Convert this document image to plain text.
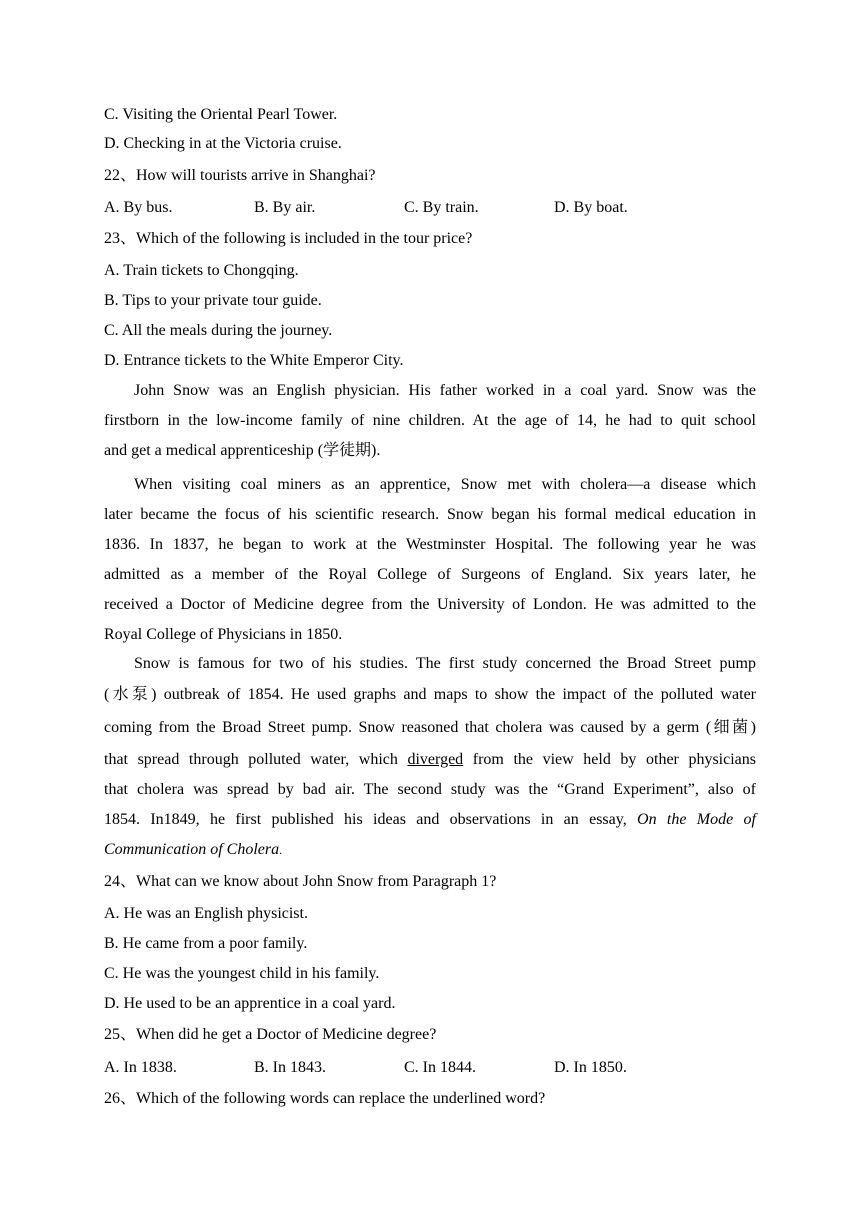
C. Visiting the Oriental Pearl Tower.
D. Checking in at the Victoria cruise.
22、How will tourists arrive in Shanghai?
A. By bus.	B. By air.	C. By train.	D. By boat.
23、Which of the following is included in the tour price?
A. Train tickets to Chongqing.
B. Tips to your private tour guide.
C. All the meals during the journey.
D. Entrance tickets to the White Emperor City.
John Snow was an English physician. His father worked in a coal yard. Snow was the
firstborn in the low-income family of nine children. At the age of 14, he had to quit school
and get a medical apprenticeship (学徒期).
When visiting coal miners as an apprentice, Snow met with cholera—a disease which
later became the focus of his scientific research. Snow began his formal medical education in
1836. In 1837, he began to work at the Westminster Hospital. The following year he was
admitted as a member of the Royal College of Surgeons of England. Six years later, he
received a Doctor of Medicine degree from the University of London. He was admitted to the
Royal College of Physicians in 1850.
Snow is famous for two of his studies. The first study concerned the Broad Street pump
(水泵) outbreak of 1854. He used graphs and maps to show the impact of the polluted water
coming from the Broad Street pump. Snow reasoned that cholera was caused by a germ (细菌)
that spread through polluted water, which diverged from the view held by other physicians
that cholera was spread by bad air. The second study was the “Grand Experiment”, also of
1854. In1849, he first published his ideas and observations in an essay, On the Mode of
Communication of Cholera.
24、What can we know about John Snow from Paragraph 1?
A. He was an English physicist.
B. He came from a poor family.
C. He was the youngest child in his family.
D. He used to be an apprentice in a coal yard.
25、When did he get a Doctor of Medicine degree?
A. In 1838.	B. In 1843.	C. In 1844.	D. In 1850.
26、Which of the following words can replace the underlined word?
